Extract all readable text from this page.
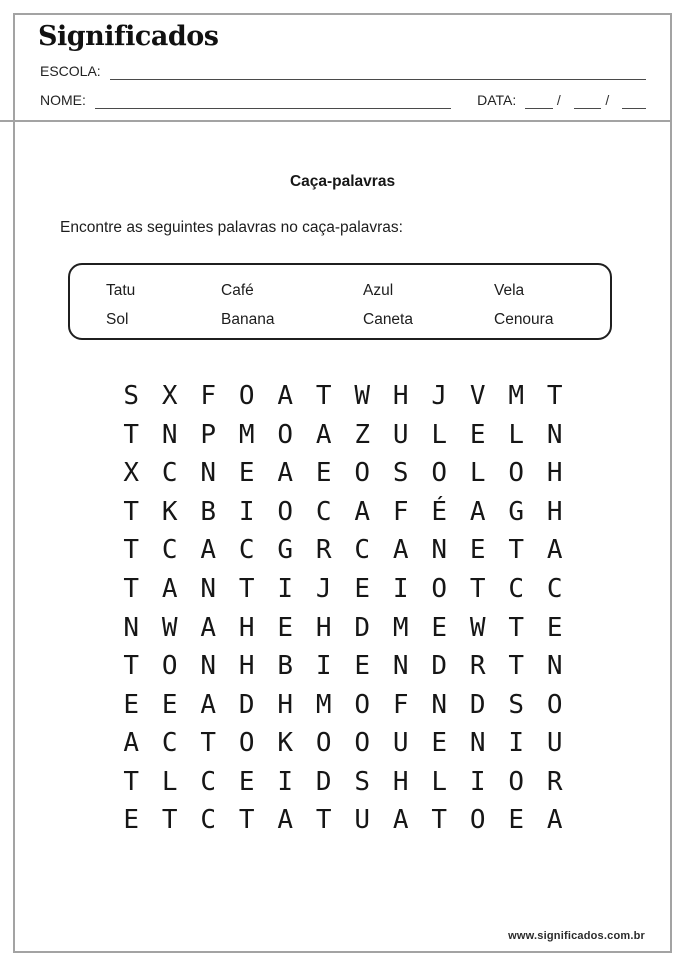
Significados
ESCOLA:
NOME:	DATA:	/	/
Caça-palavras

Encontre as seguintes palavras no caça-palavras:

Tatu	Café	Azul	Vela
Sol	Banana	Caneta	Cenoura
S X F O A T W H J V M T
T N P M O A Z U L E L N
X C N E A E O S O L O H
T K B I O C A F É A G H
T C A C G R C A N E T A
T A N T I J E I O T C C
N W A H E H D M E W T E
T O N H B I E N D R T N
E E A D H M O F N D S O
A C T O K O O U E N I U
T L C E I D S H L I O R
E T C T A T U A T O E A
www.significados.com.br
